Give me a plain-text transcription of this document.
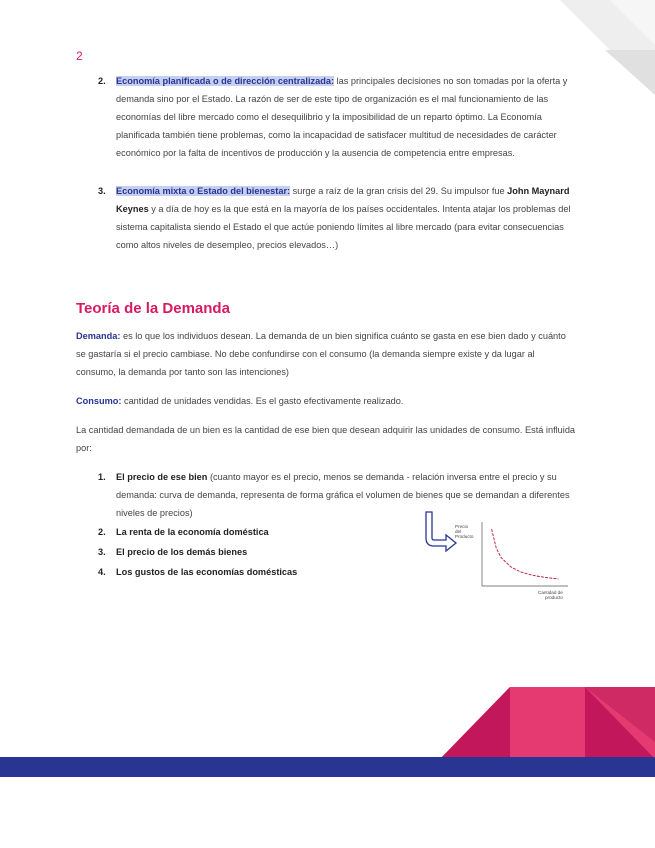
2
2. Economía planificada o de dirección centralizada: las principales decisiones no son tomadas por la oferta y demanda sino por el Estado. La razón de ser de este tipo de organización es el mal funcionamiento de las economías del libre mercado como el desequilibrio y la imposibilidad de un reparto óptimo. La Economía planificada también tiene problemas, como la incapacidad de satisfacer multitud de necesidades de carácter económico por la falta de incentivos de producción y la ausencia de competencia entre empresas.
3. Economía mixta o Estado del bienestar: surge a raíz de la gran crisis del 29. Su impulsor fue John Maynard Keynes y a día de hoy es la que está en la mayoría de los países occidentales. Intenta atajar los problemas del sistema capitalista siendo el Estado el que actúe poniendo límites al libre mercado (para evitar consecuencias como altos niveles de desempleo, precios elevados…)
Teoría de la Demanda
Demanda: es lo que los individuos desean. La demanda de un bien significa cuánto se gasta en ese bien dado y cuánto se gastaría si el precio cambiase. No debe confundirse con el consumo (la demanda siempre existe y da lugar al consumo, la demanda por tanto son las intenciones)
Consumo: cantidad de unidades vendidas. Es el gasto efectivamente realizado.
La cantidad demandada de un bien es la cantidad de ese bien que desean adquirir las unidades de consumo. Está influida por:
1. El precio de ese bien (cuanto mayor es el precio, menos se demanda - relación inversa entre el precio y su demanda: curva de demanda, representa de forma gráfica el volumen de bienes que se demandan a diferentes niveles de precios)
2. La renta de la economía doméstica
3. El precio de los demás bienes
4. Los gustos de las economías domésticas
Precio del Producto
Cantidad de producto
